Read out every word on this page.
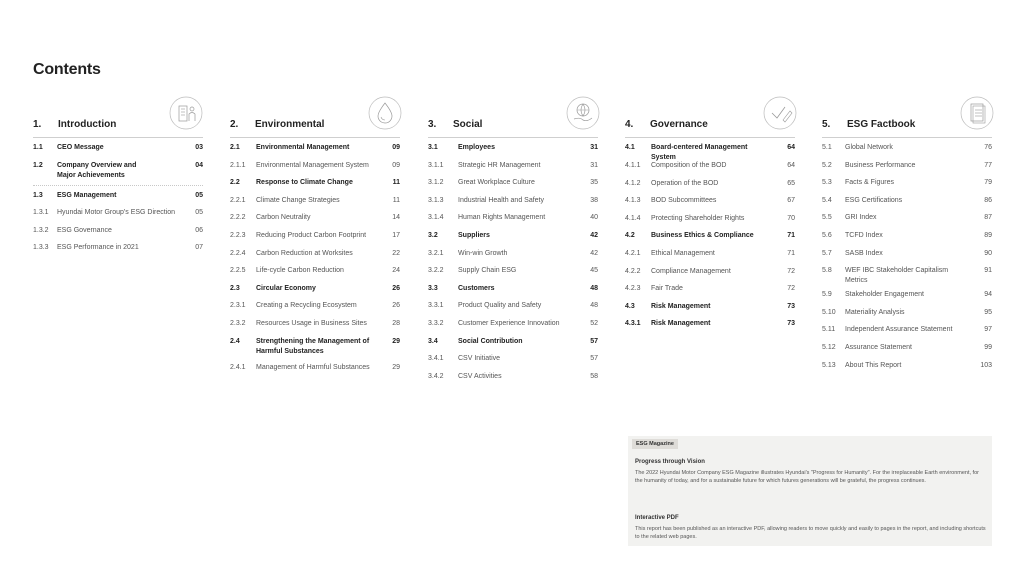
Contents
1.	Introduction
1.1	CEO Message	03
1.2	Company Overview and Major Achievements
04
1.3	ESG Management	05
1.3.1	Hyundai Motor Group's ESG Direction	05
1.3.2	ESG Governance	06
1.3.3	ESG Performance in 2021	07
2.	Environmental
2.1	Environmental Management	09
2.1.1	Environmental Management System	09
2.2	Response to Climate Change	11
2.2.1	Climate Change Strategies	11
2.2.2	Carbon Neutrality	14
2.2.3	Reducing Product Carbon Footprint	17
2.2.4	Carbon Reduction at Worksites	22
2.2.5	Life-cycle Carbon Reduction	24
2.3	Circular Economy	26
2.3.1	Creating a Recycling Ecosystem	26
2.3.2	Resources Usage in Business Sites	28
2.4	Strengthening the Management of Harmful Substances
29
2.4.1	Management of Harmful Substances	29
3.	Social
3.1	Employees	31
3.1.1	Strategic HR Management	31
3.1.2	Great Workplace Culture	35
3.1.3	Industrial Health and Safety	38
3.1.4	Human Rights Management	40
3.2	Suppliers	42
3.2.1	Win-win Growth	42
3.2.2	Supply Chain ESG	45
3.3	Customers	48
3.3.1	Product Quality and Safety	48
3.3.2	Customer Experience Innovation	52
3.4	Social Contribution	57
3.4.1	CSV Initiative	57
3.4.2	CSV Activities	58
4.	Governance
4.1	Board-centered Management System
64
4.1.1	Composition of the BOD	64
4.1.2	Operation of the BOD	65
4.1.3	BOD Subcommittees	67
4.1.4	Protecting Shareholder Rights	70
4.2	Business Ethics & Compliance	71
4.2.1	Ethical Management	71
4.2.2	Compliance Management	72
4.2.3	Fair Trade	72
4.3	Risk Management	73
4.3.1	Risk Management	73
5.	ESG Factbook
5.1	Global Network	76
5.2	Business Performance	77
5.3	Facts & Figures	79
5.4	ESG Certifications	86
5.5	GRI Index	87
5.6	TCFD Index	89
5.7	SASB Index	90
5.8	WEF IBC Stakeholder Capitalism Metrics
91
5.9	Stakeholder Engagement	94
5.10	Materiality Analysis	95
5.11	Independent Assurance Statement	97
5.12	Assurance Statement	99
5.13	About This Report	103
ESG Magazine
Progress through Vision
The 2022 Hyundai Motor Company ESG Magazine illustrates Hyundai's "Progress for Humanity". For the irreplaceable Earth environment, for the humanity of today, and for a sustainable future for which futures generations will be grateful, the progress continues.
Interactive PDF
This report has been published as an interactive PDF, allowing readers to move quickly and easily to pages in the report, and including shortcuts to the related web pages.
